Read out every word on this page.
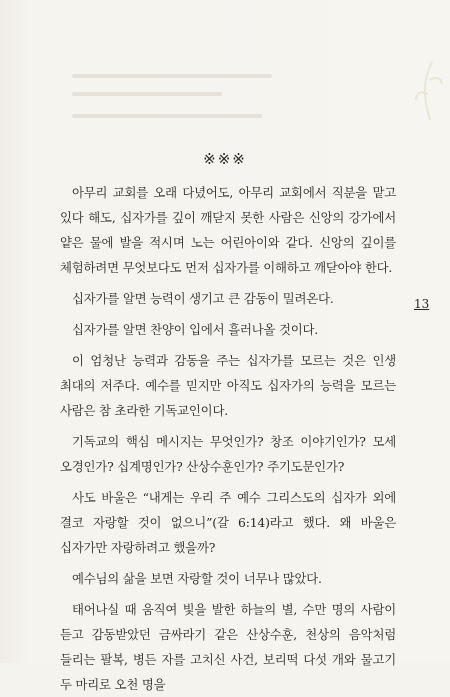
※※※

아무리 교회를 오래 다녔어도, 아무리 교회에서 직분을 맡고 있다 해도, 십자가를 깊이 깨닫지 못한 사람은 신앙의 강가에서 얕은 물에 발을 적시며 노는 어린아이와 같다. 신앙의 깊이를 체험하려면 무엇보다도 먼저 십자가를 이해하고 깨닫아야 한다.

십자가를 알면 능력이 생기고 큰 감동이 밀려온다.

십자가를 알면 찬양이 입에서 흘러나올 것이다.

이 엄청난 능력과 감동을 주는 십자가를 모르는 것은 인생 최대의 저주다. 예수를 믿지만 아직도 십자가의 능력을 모르는 사람은 참 초라한 기독교인이다.

기독교의 핵심 메시지는 무엇인가? 창조 이야기인가? 모세 오경인가? 십계명인가? 산상수훈인가? 주기도문인가?

사도 바울은 “내게는 우리 주 예수 그리스도의 십자가 외에 결코 자랑할 것이 없으니”(갈 6:14)라고 했다. 왜 바울은 십자가만 자랑하려고 했을까?

예수님의 삶을 보면 자랑할 것이 너무나 많았다.

태어나실 때 움직여 빛을 발한 하늘의 별, 수만 명의 사람이 듣고 감동받았던 금싸라기 같은 산상수훈, 천상의 음악처럼 들리는 팔복, 병든 자를 고치신 사건, 보리떡 다섯 개와 물고기 두 마리로 오천 명을

13
